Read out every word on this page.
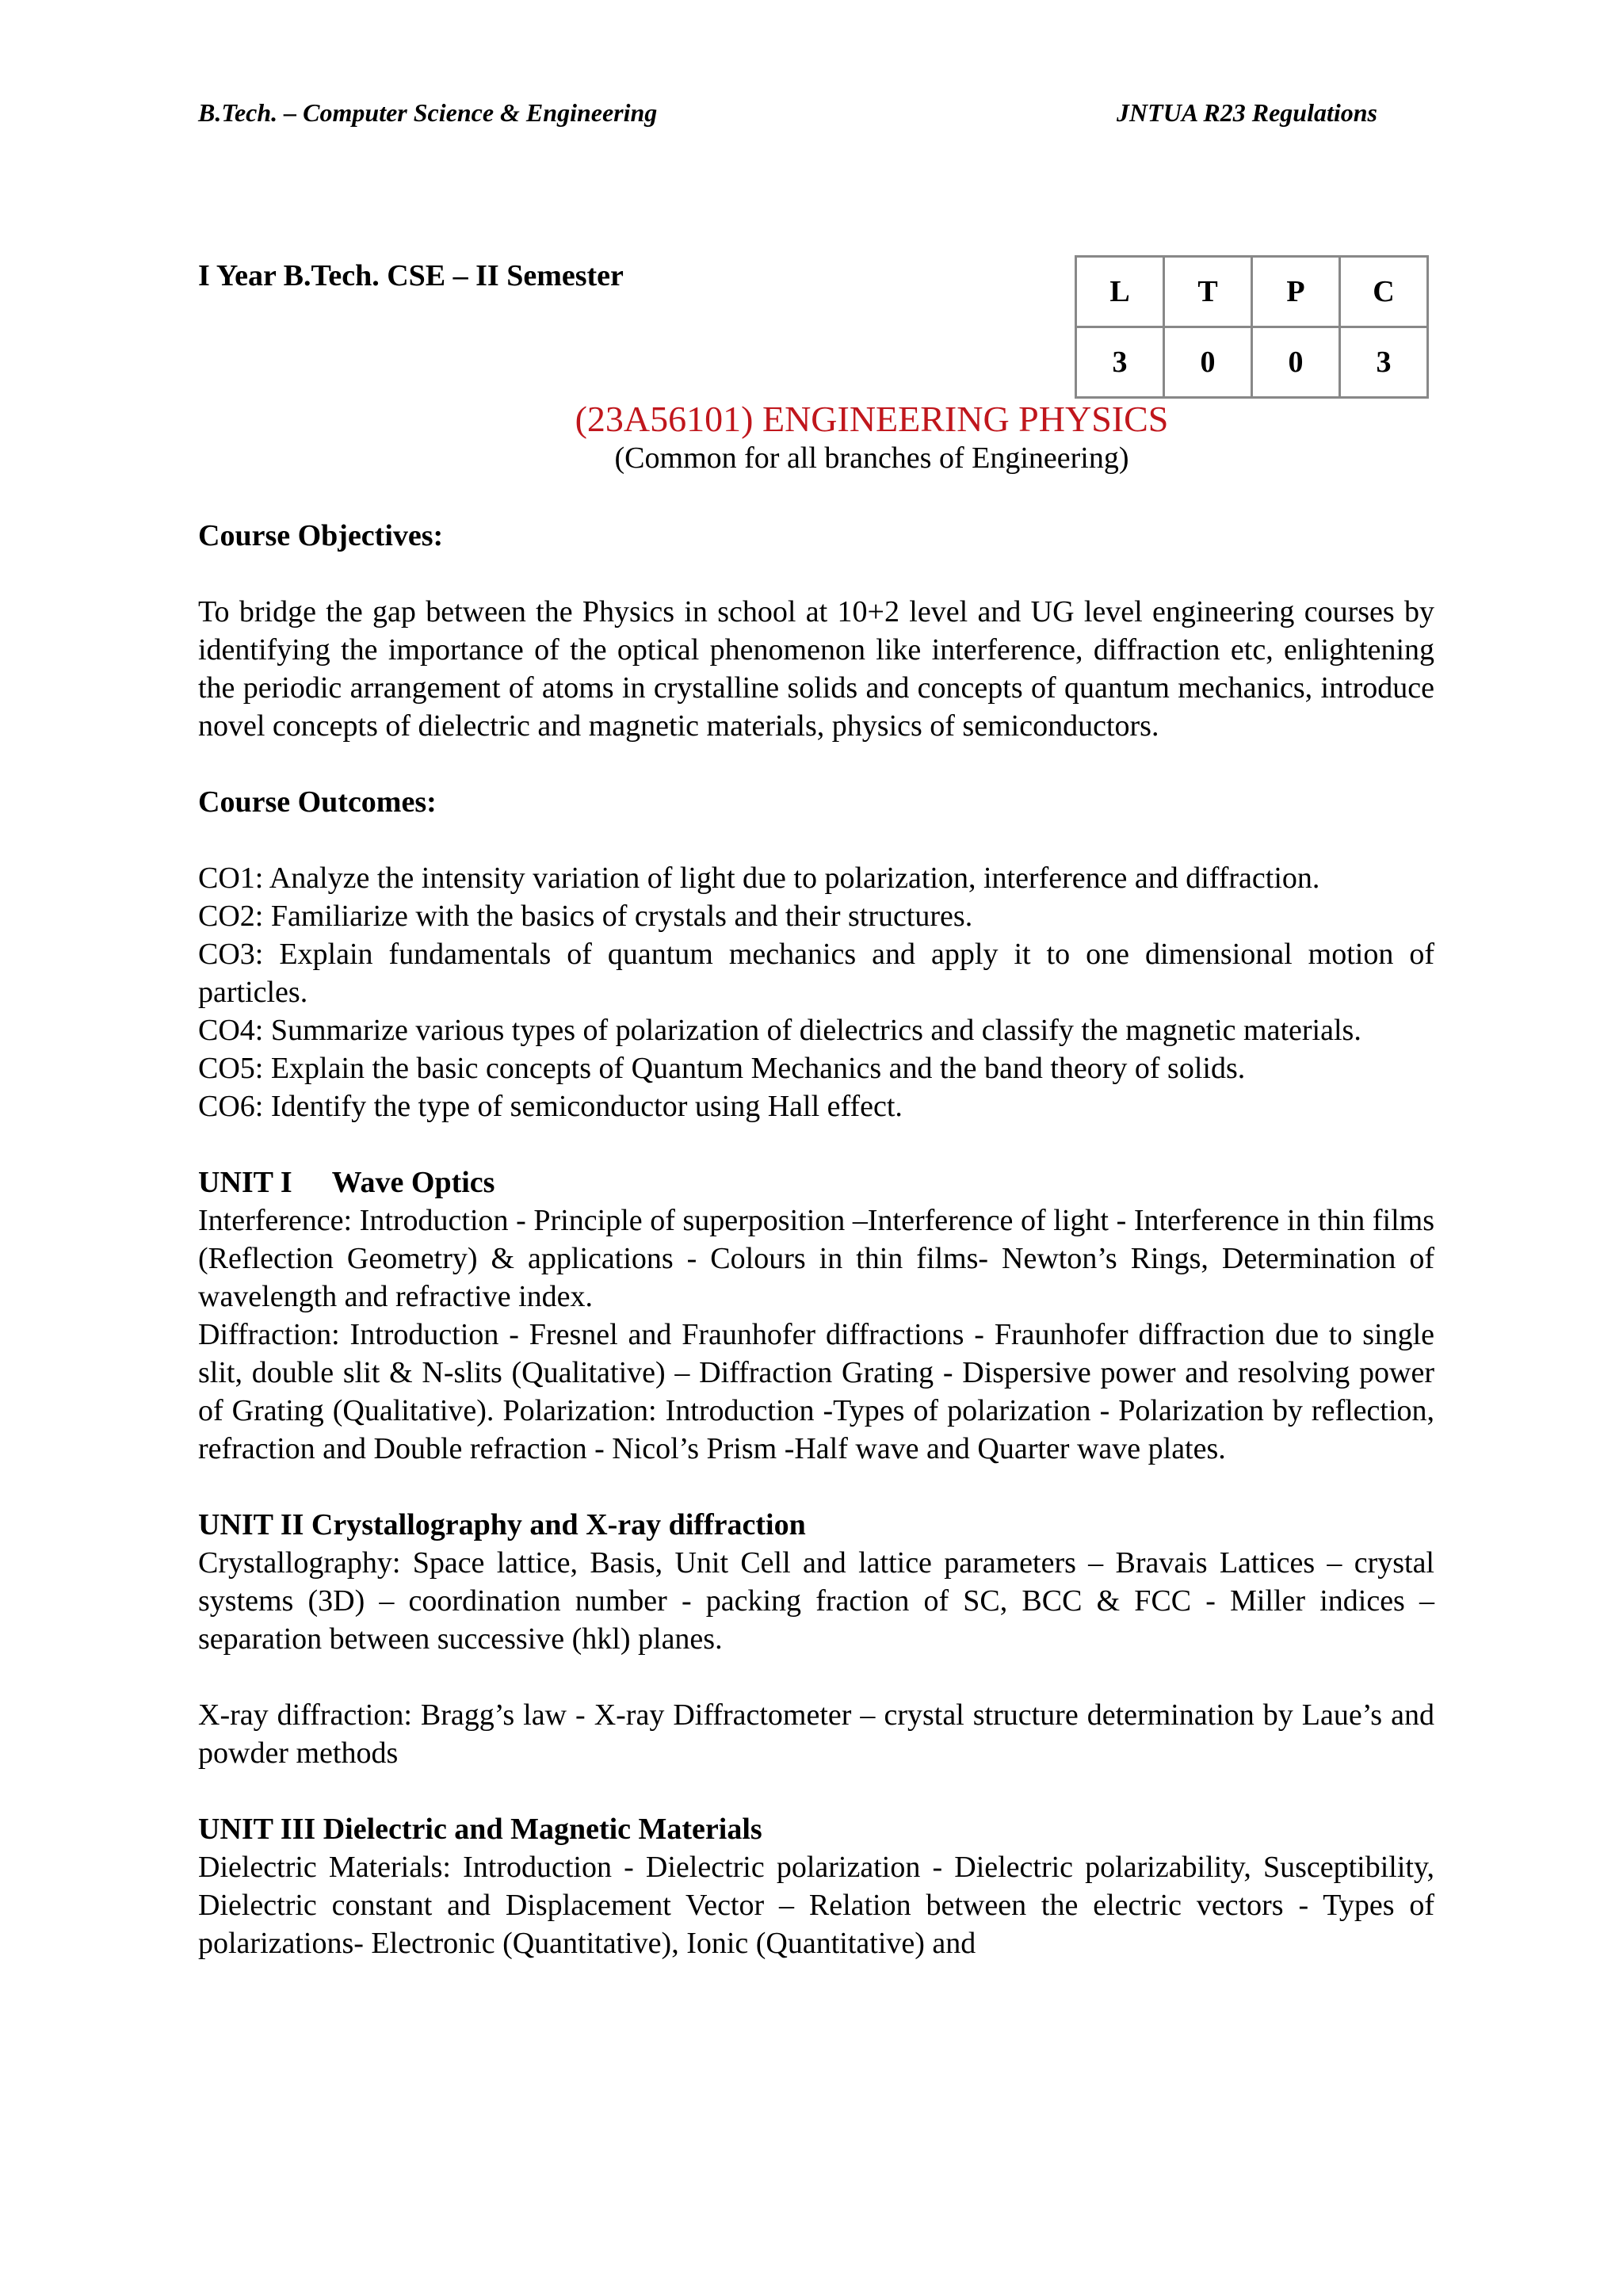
B.Tech. – Computer Science & Engineering	JNTUA R23 Regulations
I Year B.Tech. CSE – II Semester	L	T	P	C
3	0	0	3
(23A56101) ENGINEERING PHYSICS
(Common for all branches of Engineering)

Course Objectives:

To bridge the gap between the Physics in school at 10+2 level and UG level engineering courses by identifying the importance of the optical phenomenon like interference, diffraction etc, enlightening the periodic arrangement of atoms in crystalline solids and concepts of quantum mechanics, introduce novel concepts of dielectric and magnetic materials, physics of semiconductors.

Course Outcomes:

CO1: Analyze the intensity variation of light due to polarization, interference and diffraction.

CO2: Familiarize with the basics of crystals and their structures.

CO3: Explain fundamentals of quantum mechanics and apply it to one dimensional motion of particles.

CO4: Summarize various types of polarization of dielectrics and classify the magnetic materials.

CO5: Explain the basic concepts of Quantum Mechanics and the band theory of solids.

CO6: Identify the type of semiconductor using Hall effect.

UNIT I Wave Optics

Interference: Introduction - Principle of superposition –Interference of light - Interference in thin films (Reflection Geometry) & applications - Colours in thin films- Newton’s Rings, Determination of wavelength and refractive index.

Diffraction: Introduction - Fresnel and Fraunhofer diffractions - Fraunhofer diffraction due to single slit, double slit & N-slits (Qualitative) – Diffraction Grating - Dispersive power and resolving power of Grating (Qualitative). Polarization: Introduction -Types of polarization - Polarization by reflection, refraction and Double refraction - Nicol’s Prism -Half wave and Quarter wave plates.

UNIT II Crystallography and X-ray diffraction

Crystallography: Space lattice, Basis, Unit Cell and lattice parameters – Bravais Lattices – crystal systems (3D) – coordination number - packing fraction of SC, BCC & FCC - Miller indices – separation between successive (hkl) planes.

X-ray diffraction: Bragg’s law - X-ray Diffractometer – crystal structure determination by Laue’s and powder methods

UNIT III Dielectric and Magnetic Materials

Dielectric Materials: Introduction - Dielectric polarization - Dielectric polarizability, Susceptibility, Dielectric constant and Displacement Vector – Relation between the electric vectors - Types of polarizations- Electronic (Quantitative), Ionic (Quantitative) and
